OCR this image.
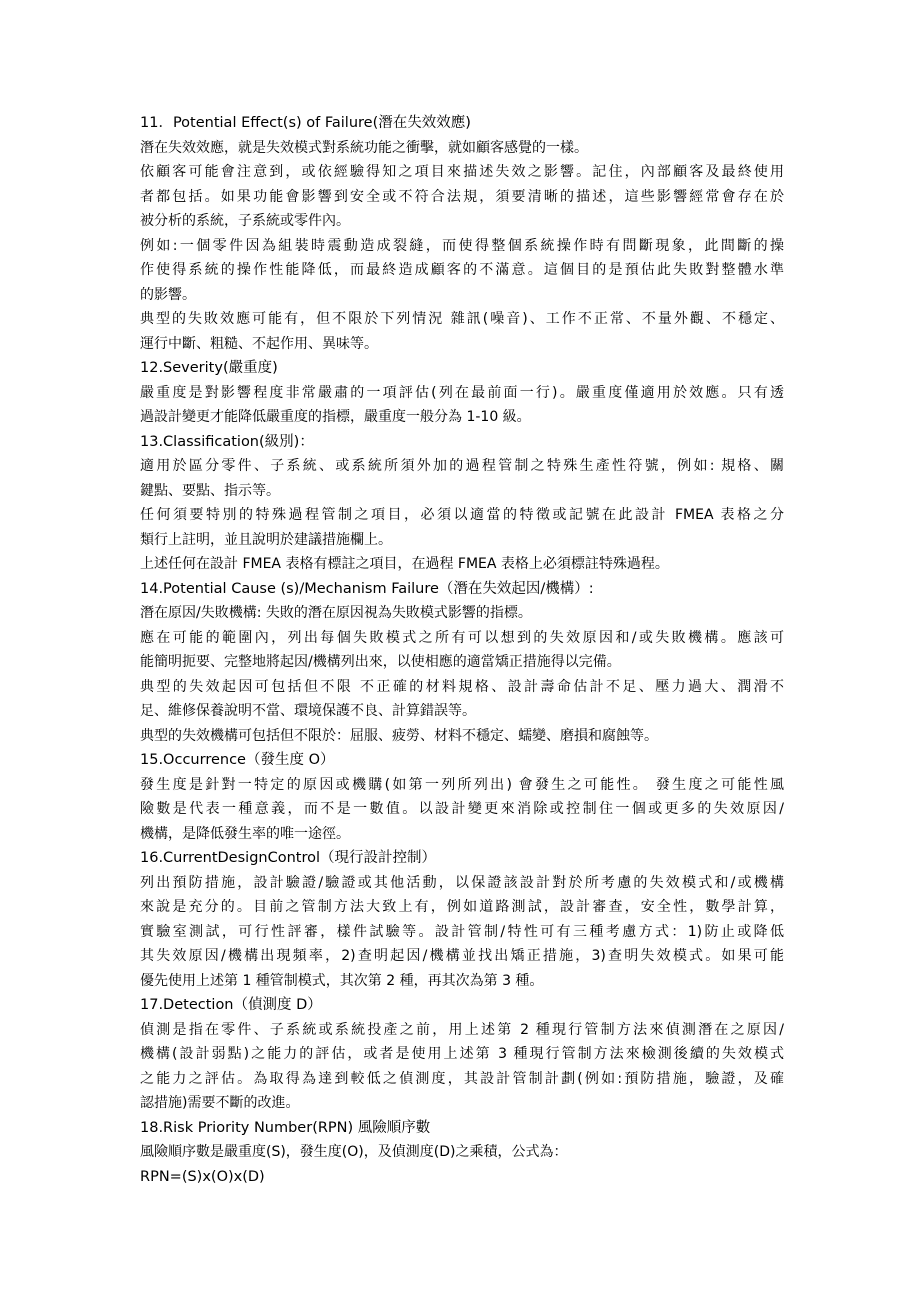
11．Potential Effect(s) of Failure(潛在失效效應)
潛在失效效應，就是失效模式對系統功能之衝擊，就如顧客感覺的一樣。
依顧客可能會注意到，或依經驗得知之項目來描述失效之影響。記住，內部顧客及最終使用
者都包括。如果功能會影響到安全或不符合法規，須要清晰的描述，這些影響經常會存在於
被分析的系統，子系統或零件內。
例如:一個零件因為組裝時震動造成裂縫，而使得整個系統操作時有問斷現象，此間斷的操
作使得系統的操作性能降低，而最終造成顧客的不滿意。這個目的是預估此失敗對整體水準
的影響。
典型的失敗效應可能有，但不限於下列情況 雜訊(噪音)、工作不正常、不量外觀、不穩定、
運行中斷、粗糙、不起作用、異味等。
12.Severity(嚴重度)
嚴重度是對影響程度非常嚴肅的一項評估(列在最前面一行)。嚴重度僅適用於效應。只有透
過設計變更才能降低嚴重度的指標，嚴重度一般分為 1-10 級。
13.Classification(級別)：
適用於區分零件、子系統、或系統所須外加的過程管制之特殊生產性符號，例如: 規格、關
鍵點、要點、指示等。
任何須要特別的特殊過程管制之項目，必須以適當的特徵或記號在此設計 FMEA 表格之分
類行上註明，並且說明於建議措施欄上。
上述任何在設計 FMEA 表格有標註之項目，在過程 FMEA 表格上必須標註特殊過程。
14.Potential Cause (s)/Mechanism Failure（潛在失效起因/機構）:
潛在原因/失敗機構: 失敗的潛在原因視為失敗模式影響的指標。
應在可能的範圍內，列出每個失敗模式之所有可以想到的失效原因和/或失敗機構。應該可
能簡明扼要、完整地將起因/機構列出來，以使相應的適當矯正措施得以完備。
典型的失效起因可包括但不限 不正確的材料規格、設計壽命估計不足、壓力過大、潤滑不
足、維修保養說明不當、環境保護不良、計算錯誤等。
典型的失效機構可包括但不限於：屈服、疲勞、材料不穩定、蠕變、磨損和腐蝕等。
15.Occurrence（發生度 O）
發生度是針對一特定的原因或機購(如第一列所列出) 會發生之可能性。 發生度之可能性風
險數是代表一種意義，而不是一數值。以設計變更來消除或控制住一個或更多的失效原因/
機構，是降低發生率的唯一途徑。
16.CurrentDesignControl（現行設計控制）
列出預防措施，設計驗證/驗證或其他活動，以保證該設計對於所考慮的失效模式和/或機構
來說是充分的。目前之管制方法大致上有，例如道路測試，設計審查，安全性，數學計算，
實驗室測試，可行性評審，樣件試驗等。設計管制/特性可有三種考慮方式：1)防止或降低
其失效原因/機構出現頻率，2)查明起因/機構並找出矯正措施，3)查明失效模式。如果可能
優先使用上述第 1 種管制模式，其次第 2 種，再其次為第 3 種。
17.Detection（偵測度 D）
偵測是指在零件、子系統或系統投產之前，用上述第 2 種現行管制方法來偵測潛在之原因/
機構(設計弱點)之能力的評估，或者是使用上述第 3 種現行管制方法來檢測後續的失效模式
之能力之評估。為取得為達到較低之偵測度，其設計管制計劃(例如:預防措施，驗證，及確
認措施)需要不斷的改進。
18.Risk Priority Number(RPN) 風險順序數
風險順序數是嚴重度(S)，發生度(O)，及偵測度(D)之乘積，公式為：
RPN=(S)x(O)x(D)
